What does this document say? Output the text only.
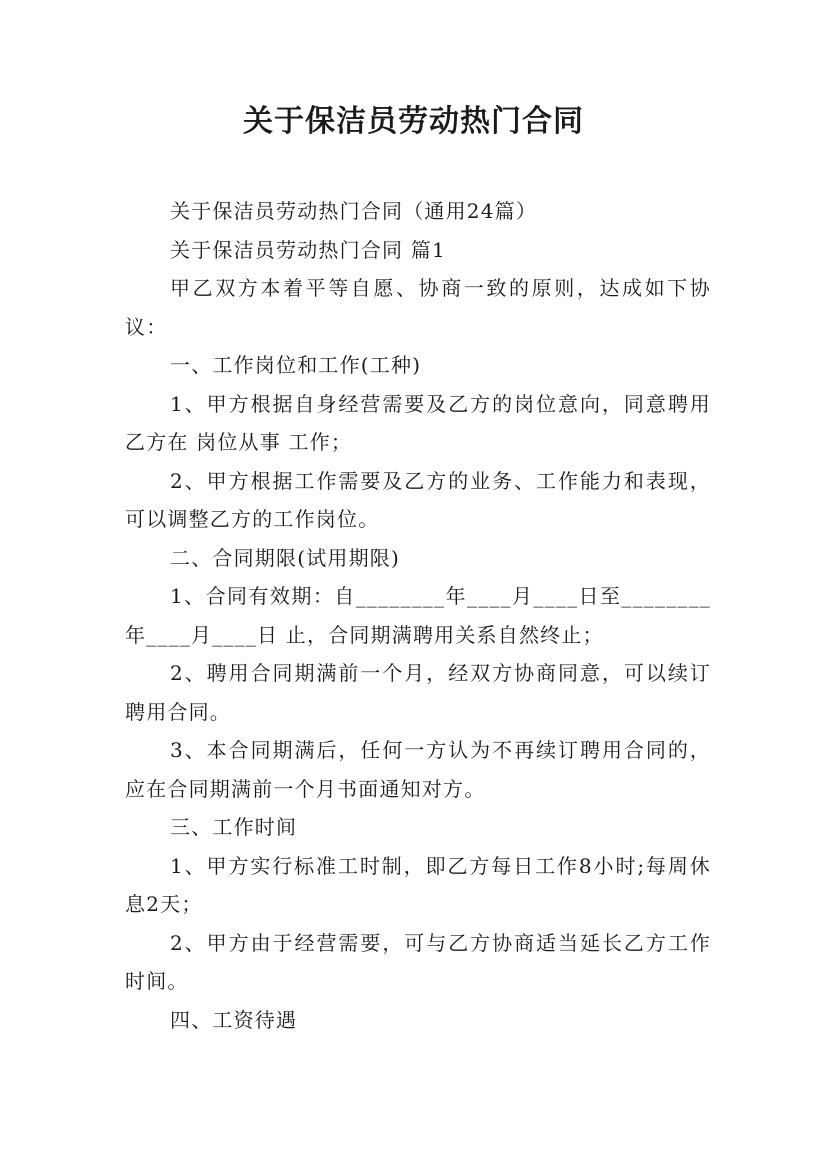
关于保洁员劳动热门合同

关于保洁员劳动热门合同（通用24篇）

关于保洁员劳动热门合同 篇1

甲乙双方本着平等自愿、协商一致的原则，达成如下协议：

一、工作岗位和工作(工种)

1、甲方根据自身经营需要及乙方的岗位意向，同意聘用乙方在 岗位从事 工作；

2、甲方根据工作需要及乙方的业务、工作能力和表现，可以调整乙方的工作岗位。

二、合同期限(试用期限)

1、合同有效期：自________年____月____日至________年____月____日 止，合同期满聘用关系自然终止；

2、聘用合同期满前一个月，经双方协商同意，可以续订聘用合同。

3、本合同期满后，任何一方认为不再续订聘用合同的，应在合同期满前一个月书面通知对方。

三、工作时间

1、甲方实行标准工时制，即乙方每日工作8小时;每周休息2天；

2、甲方由于经营需要，可与乙方协商适当延长乙方工作时间。

四、工资待遇
